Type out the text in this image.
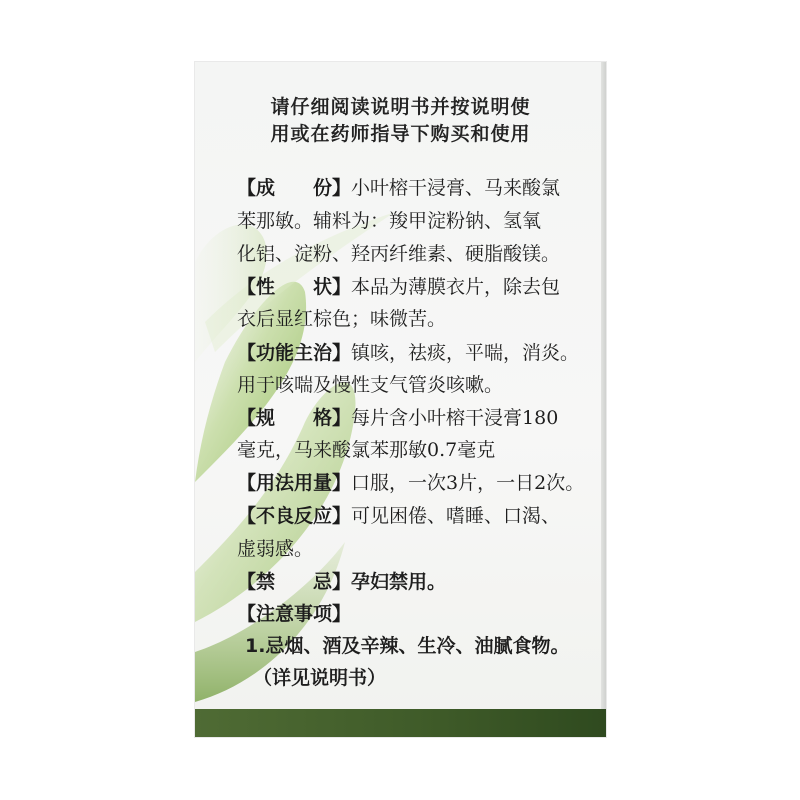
请仔细阅读说明书并按说明使
用或在药师指导下购买和使用
【成　　份】小叶榕干浸膏、马来酸氯
苯那敏。辅料为：羧甲淀粉钠、氢氧
化铝、淀粉、羟丙纤维素、硬脂酸镁。
【性　　状】本品为薄膜衣片，除去包
衣后显红棕色；味微苦。
【功能主治】镇咳，祛痰，平喘，消炎。
用于咳喘及慢性支气管炎咳嗽。
【规　　格】每片含小叶榕干浸膏180
毫克，马来酸氯苯那敏0.7毫克
【用法用量】口服，一次3片，一日2次。
【不良反应】可见困倦、嗜睡、口渴、
虚弱感。
【禁　　忌】孕妇禁用。
【注意事项】
1.忌烟、酒及辛辣、生冷、油腻食物。
（详见说明书）
